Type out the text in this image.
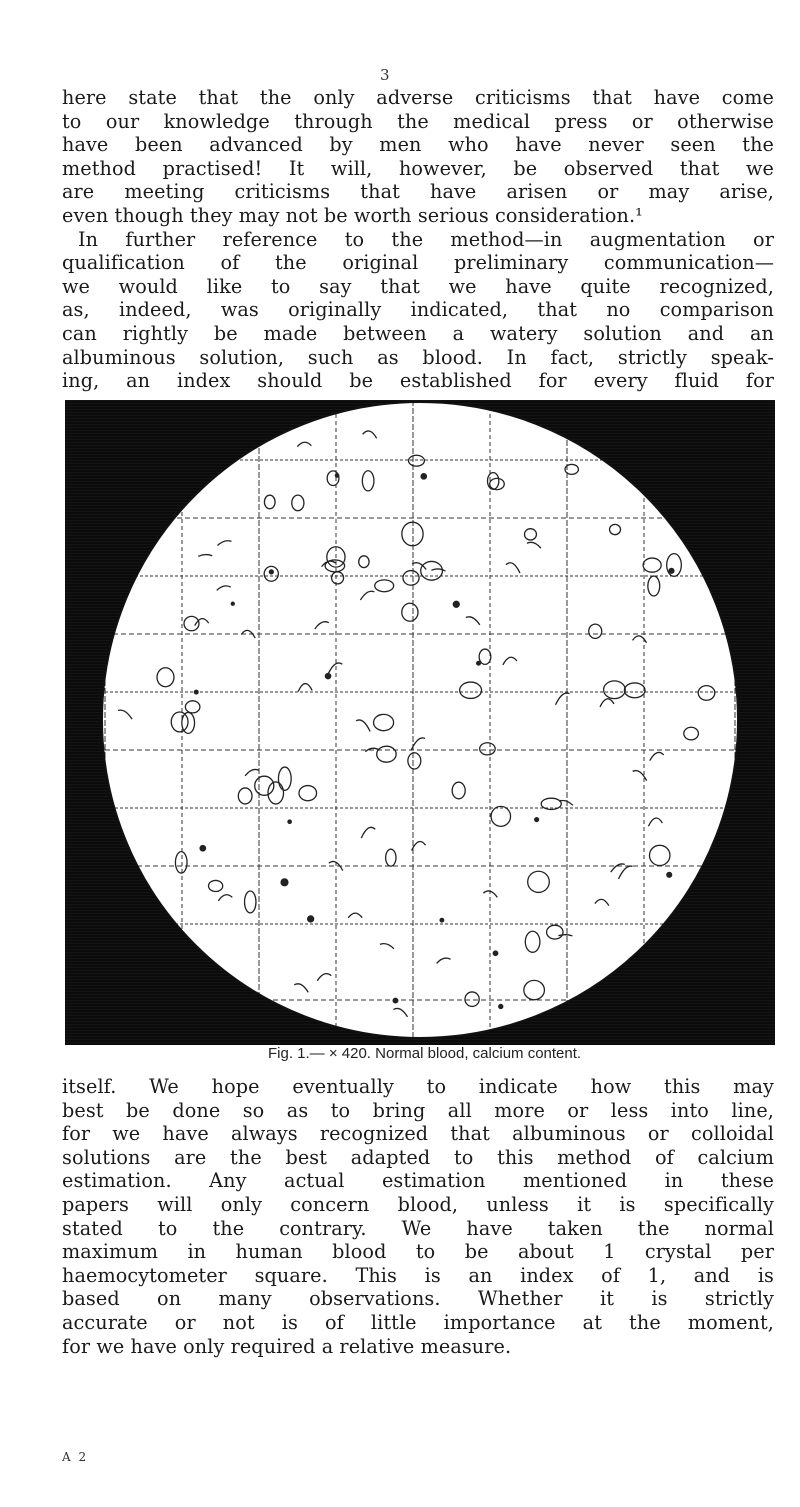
3

here state that the only adverse criticisms that have come
to our knowledge through the medical press or otherwise
have been advanced by men who have never seen the
method practised! It will, however, be observed that we
are meeting criticisms that have arisen or may arise,
even though they may not be worth serious consideration.¹
In further reference to the method—in augmentation or
qualification of the original preliminary communication—
we would like to say that we have quite recognized,
as, indeed, was originally indicated, that no comparison
can rightly be made between a watery solution and an
albuminous solution, such as blood. In fact, strictly speak-
ing, an index should be established for every fluid for

Fig. 1.— × 420. Normal blood, calcium content.

itself. We hope eventually to indicate how this may
best be done so as to bring all more or less into line,
for we have always recognized that albuminous or colloidal
solutions are the best adapted to this method of calcium
estimation. Any actual estimation mentioned in these
papers will only concern blood, unless it is specifically
stated to the contrary. We have taken the normal
maximum in human blood to be about 1 crystal per
haemocytometer square. This is an index of 1, and is
based on many observations. Whether it is strictly
accurate or not is of little importance at the moment,
for we have only required a relative measure.

A 2
